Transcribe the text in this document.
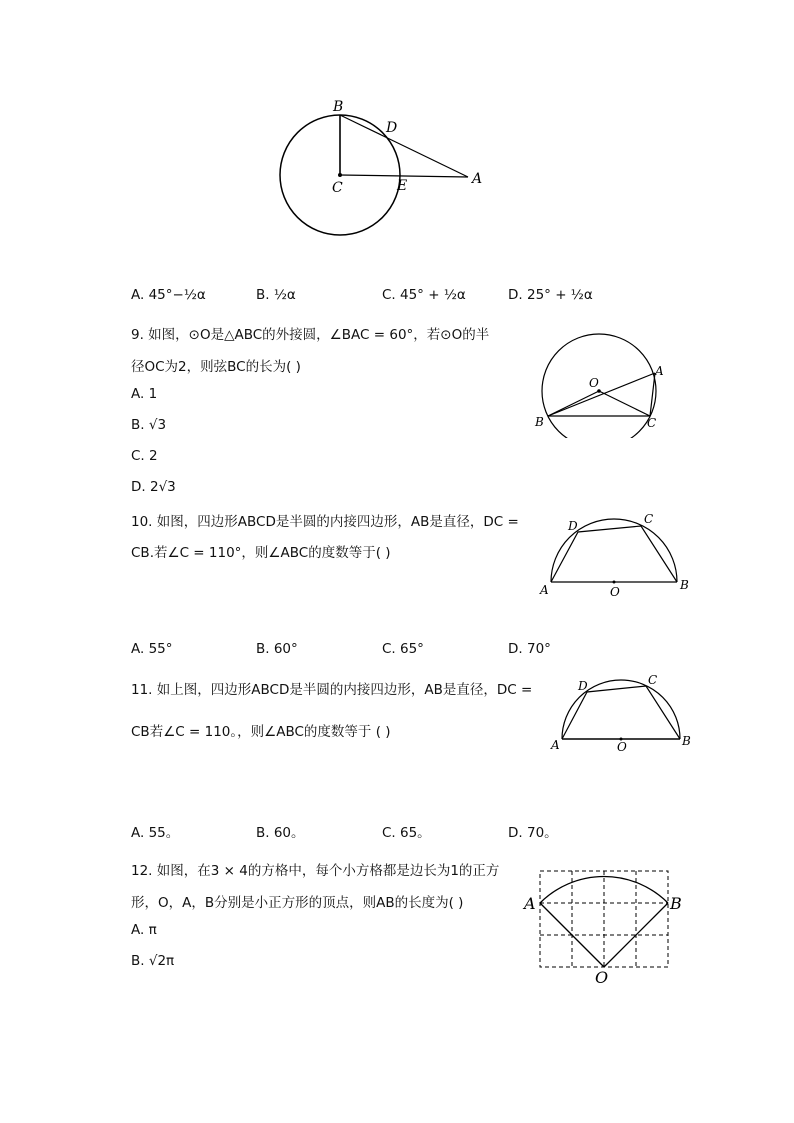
B
D
C	E	A
A. 45°−½α	B. ½α	C. 45° + ½α	D. 25° + ½α
9. 如图，⊙O是△ABC的外接圆，∠BAC = 60°，若⊙O的半
径OC为2，则弦BC的长为( )
A. 1
B. √3
C. 2
D. 2√3
O
A
B	C
10. 如图，四边形ABCD是半圆的内接四边形，AB是直径，DC =
CB.若∠C = 110°，则∠ABC的度数等于( )
D	C
A	O	B
A. 55°	B. 60°	C. 65°	D. 70°
11. 如上图，四边形ABCD是半圆的内接四边形，AB是直径，DC =
CB若∠C = 110。，则∠ABC的度数等于 ( )
D	C
A	O	B
A. 55。	B. 60。	C. 65。	D. 70。
12. 如图，在3 × 4的方格中，每个小方格都是边长为1的正方
形，O，A，B分别是小正方形的顶点，则AB的长度为( )
A. π
B. √2π
A	B
O
